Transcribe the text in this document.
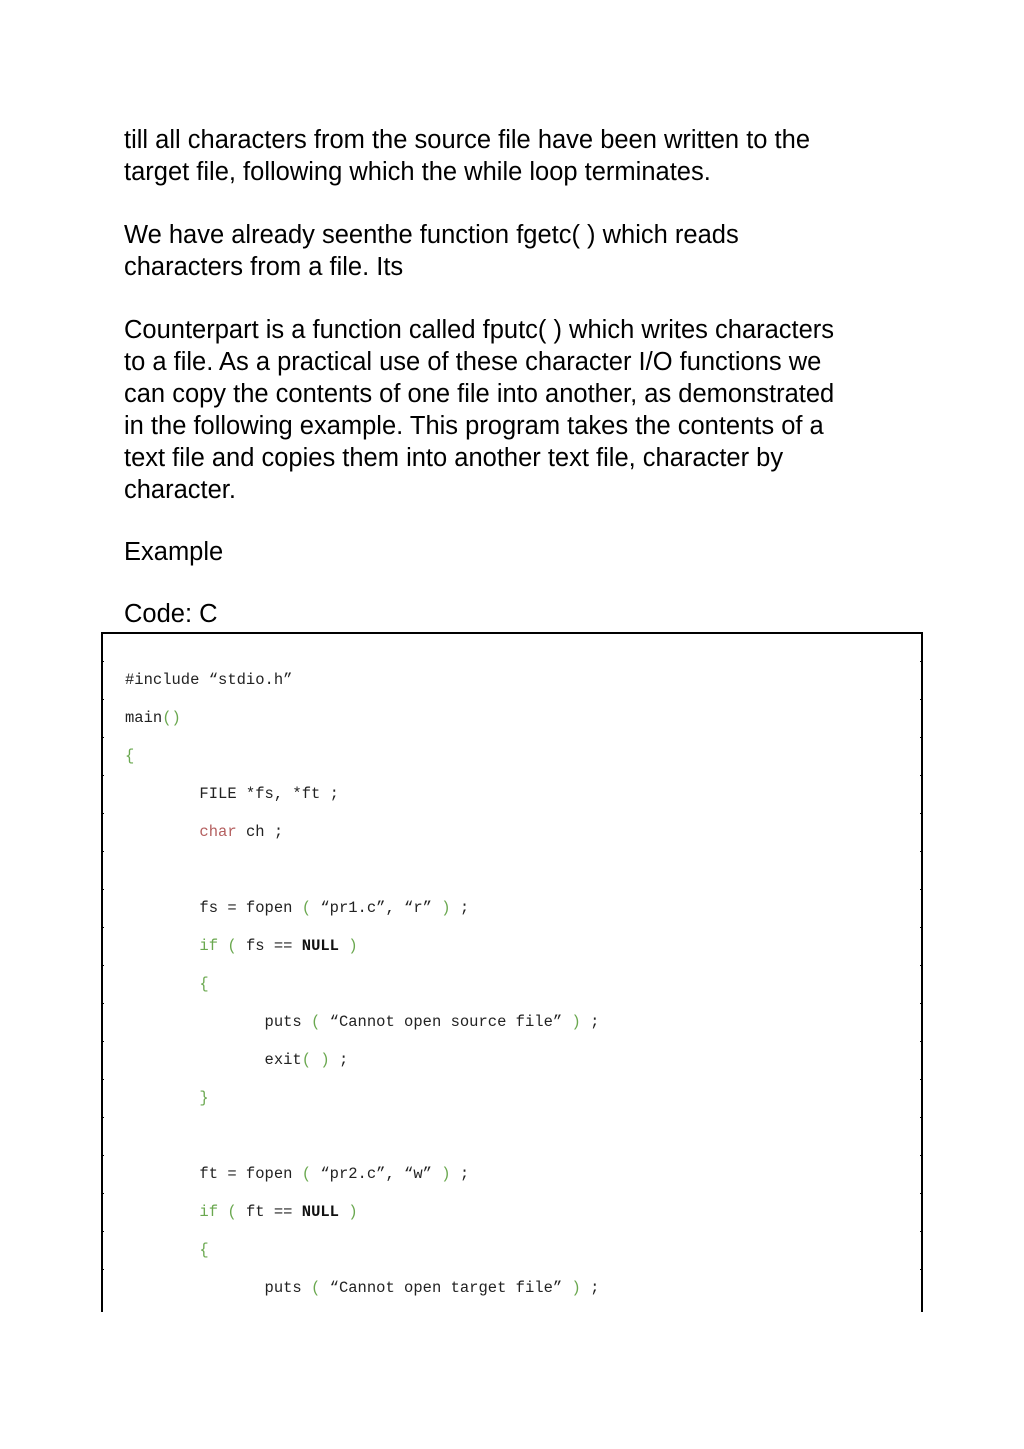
till all characters from the source file have been written to the
target file, following which the while loop terminates.
We have already seenthe function fgetc( ) which reads
characters from a file. Its
Counterpart is a function called fputc( ) which writes characters
to a file. As a practical use of these character I/O functions we
can copy the contents of one file into another, as demonstrated
in the following example. This program takes the contents of a
text file and copies them into another text file, character by
character.
Example
Code: C
#include “stdio.h”
main()
{
FILE *fs, *ft ;
char ch ;
fs = fopen ( “pr1.c”, “r” ) ;
if ( fs == NULL )
{
puts ( “Cannot open source file” ) ;
exit( ) ;
}
ft = fopen ( “pr2.c”, “w” ) ;
if ( ft == NULL )
{
puts ( “Cannot open target file” ) ;
